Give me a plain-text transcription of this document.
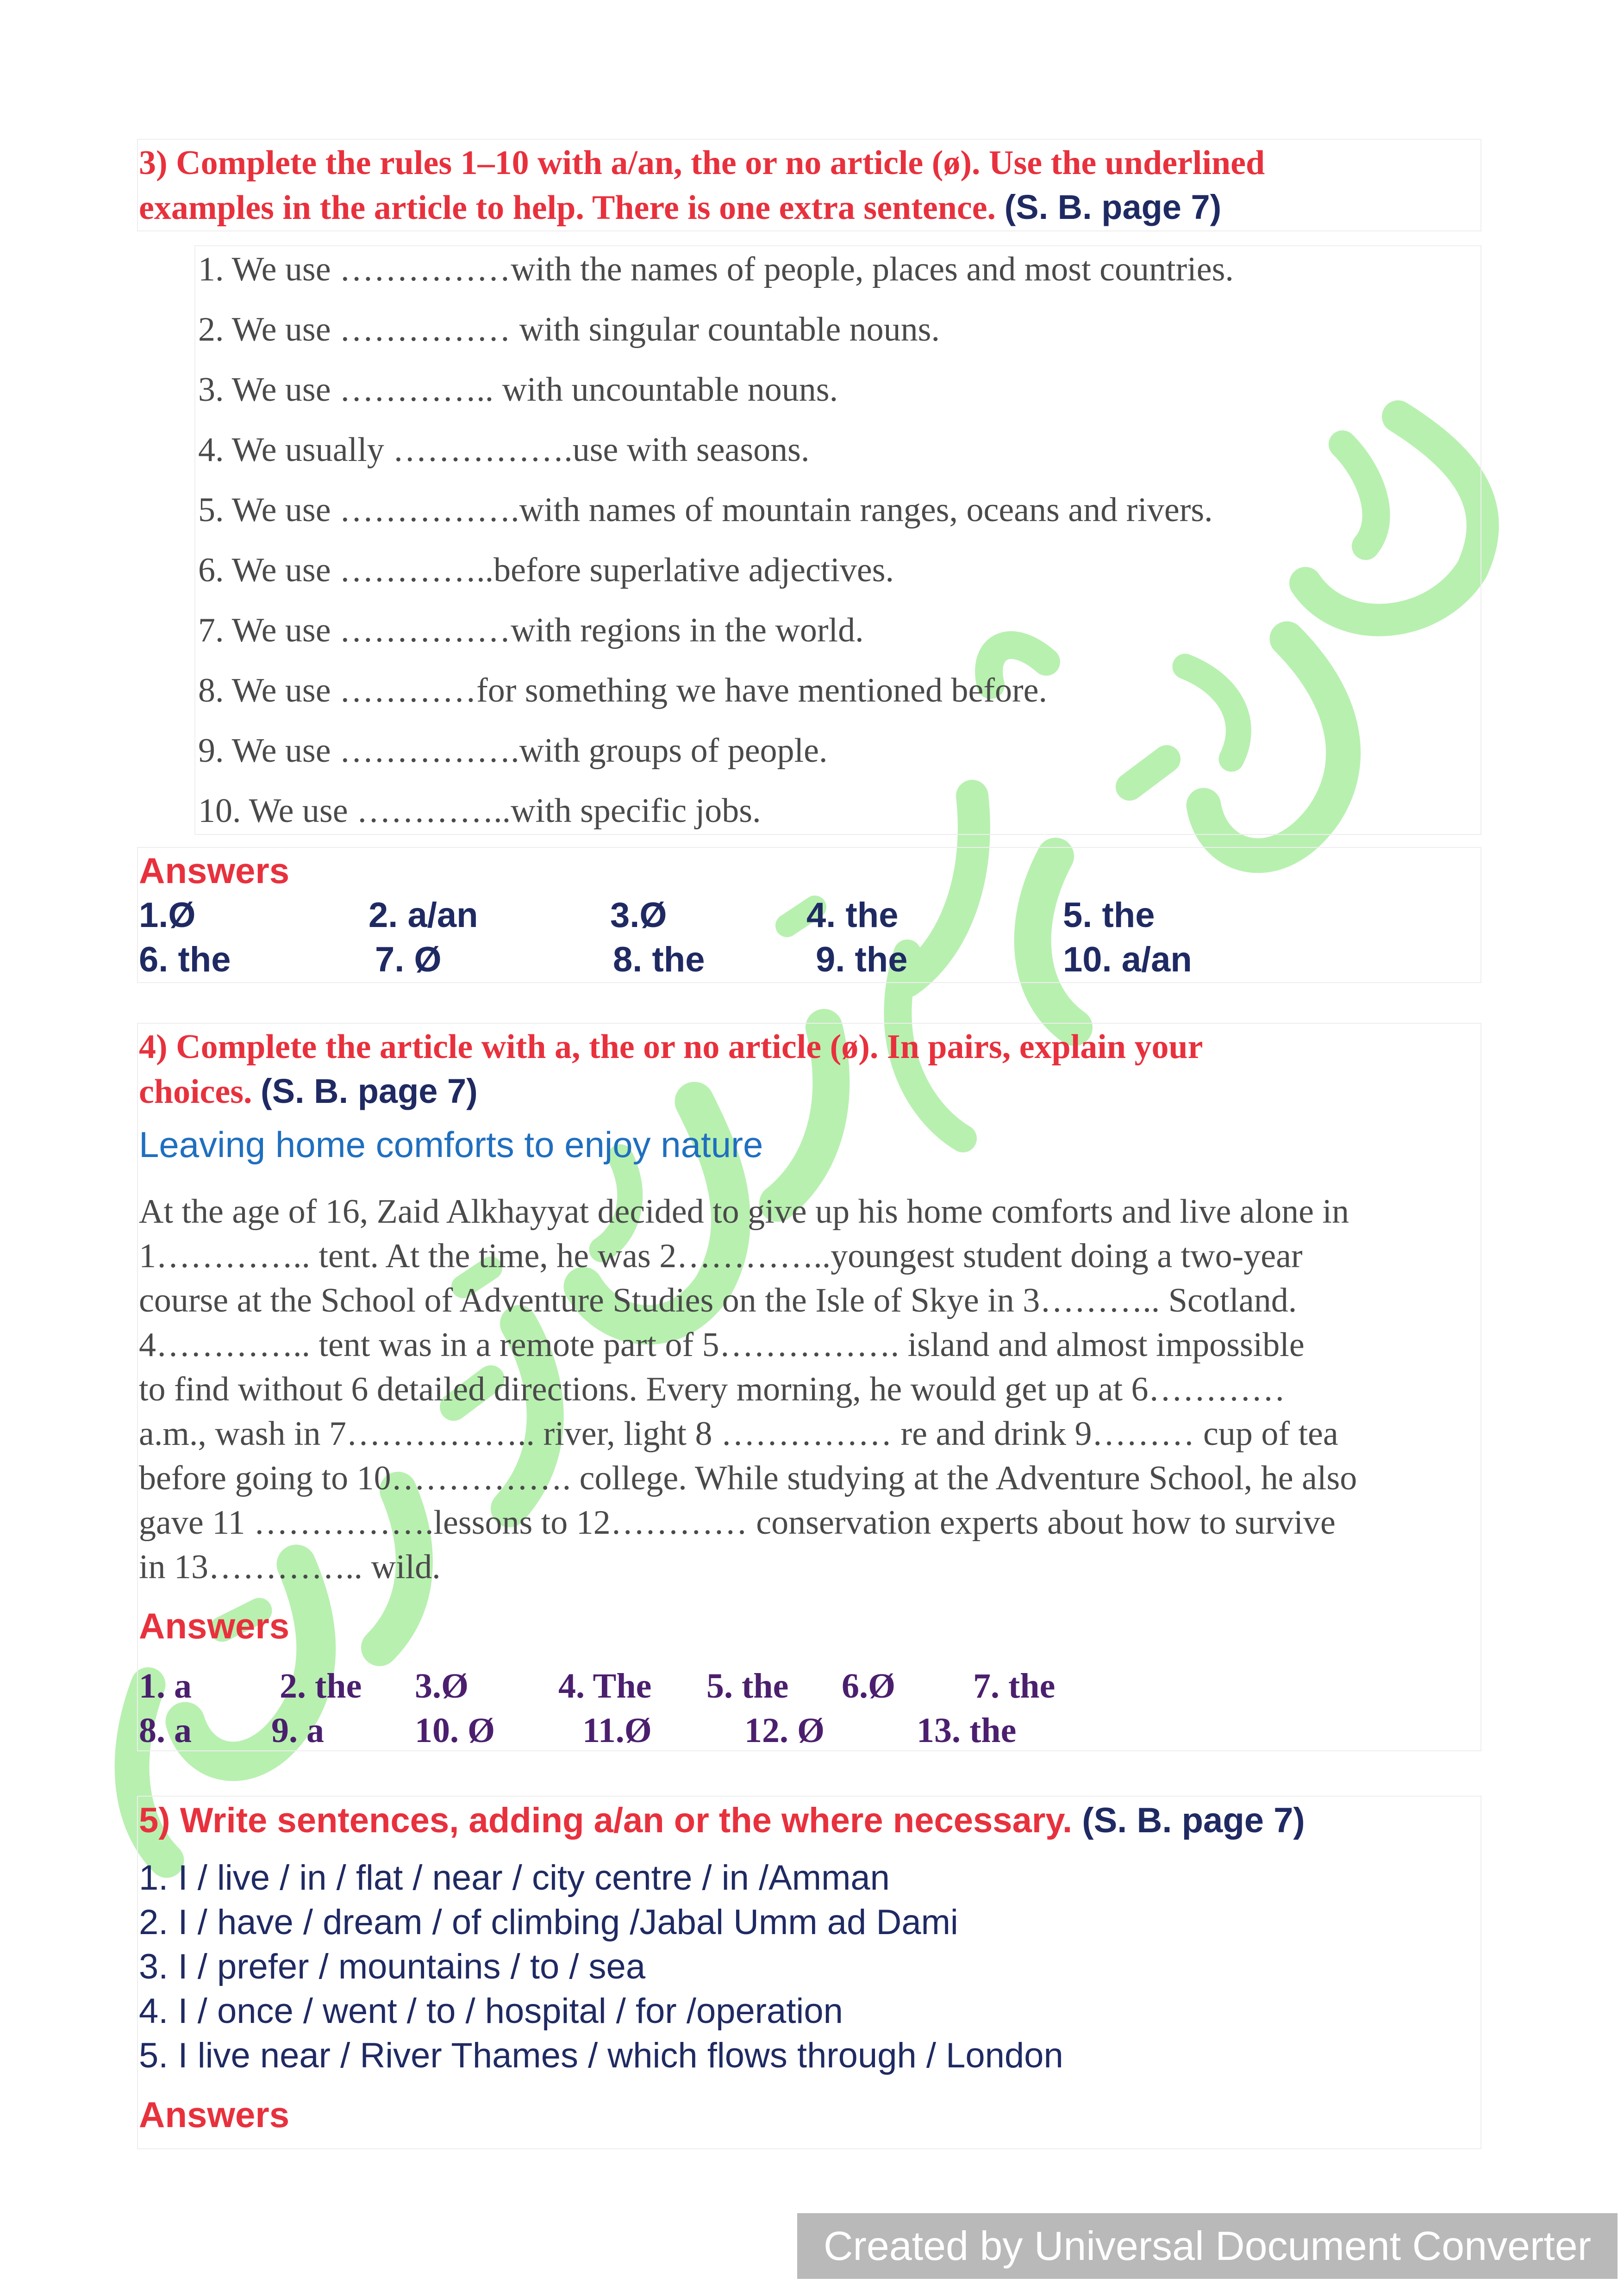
3) Complete the rules 1–10 with a/an, the or no article (ø). Use the underlined
examples in the article to help. There is one extra sentence. (S. B. page 7)
1. We use ……………with the names of people, places and most countries.
2. We use …………… with singular countable nouns.
3. We use ………….. with uncountable nouns.
4. We usually …………….use with seasons.
5. We use …………….with names of mountain ranges, oceans and rivers.
6. We use …………..before superlative adjectives.
7. We use ……………with regions in the world.
8. We use …………for something we have mentioned before.
9. We use …………….with groups of people.
10. We use …………..with specific jobs.
Answers
1.Ø	2. a/an	3.Ø	4. the	5. the
6. the	7. Ø	8. the	9. the	10. a/an
4) Complete the article with a, the or no article (ø). In pairs, explain your
choices. (S. B. page 7)
Leaving home comforts to enjoy nature
At the age of 16, Zaid Alkhayyat decided to give up his home comforts and live alone in
1………….. tent. At the time, he was 2…………..youngest student doing a two-year
course at the School of Adventure Studies on the Isle of Skye in 3……….. Scotland.
4………….. tent was in a remote part of 5……………. island and almost impossible
to find without 6 detailed directions. Every morning, he would get up at 6…………
a.m., wash in 7…………….. river, light 8 …………… re and drink 9……… cup of tea
before going to 10……………. college. While studying at the Adventure School, he also
gave 11 …………….lessons to 12………… conservation experts about how to survive
in 13………….. wild.
Answers
1. a	2. the 3.Ø	4. The 5. the 6.Ø 7. the
8. a 9. a	10. Ø 11.Ø	12. Ø	13. the
5) Write sentences, adding a/an or the where necessary. (S. B. page 7)
1. I / live / in / flat / near / city centre / in /Amman
2. I / have / dream / of climbing /Jabal Umm ad Dami
3. I / prefer / mountains / to / sea
4. I / once / went / to / hospital / for /operation
5. I live near / River Thames / which flows through / London
Answers
Created by Universal Document Converter
